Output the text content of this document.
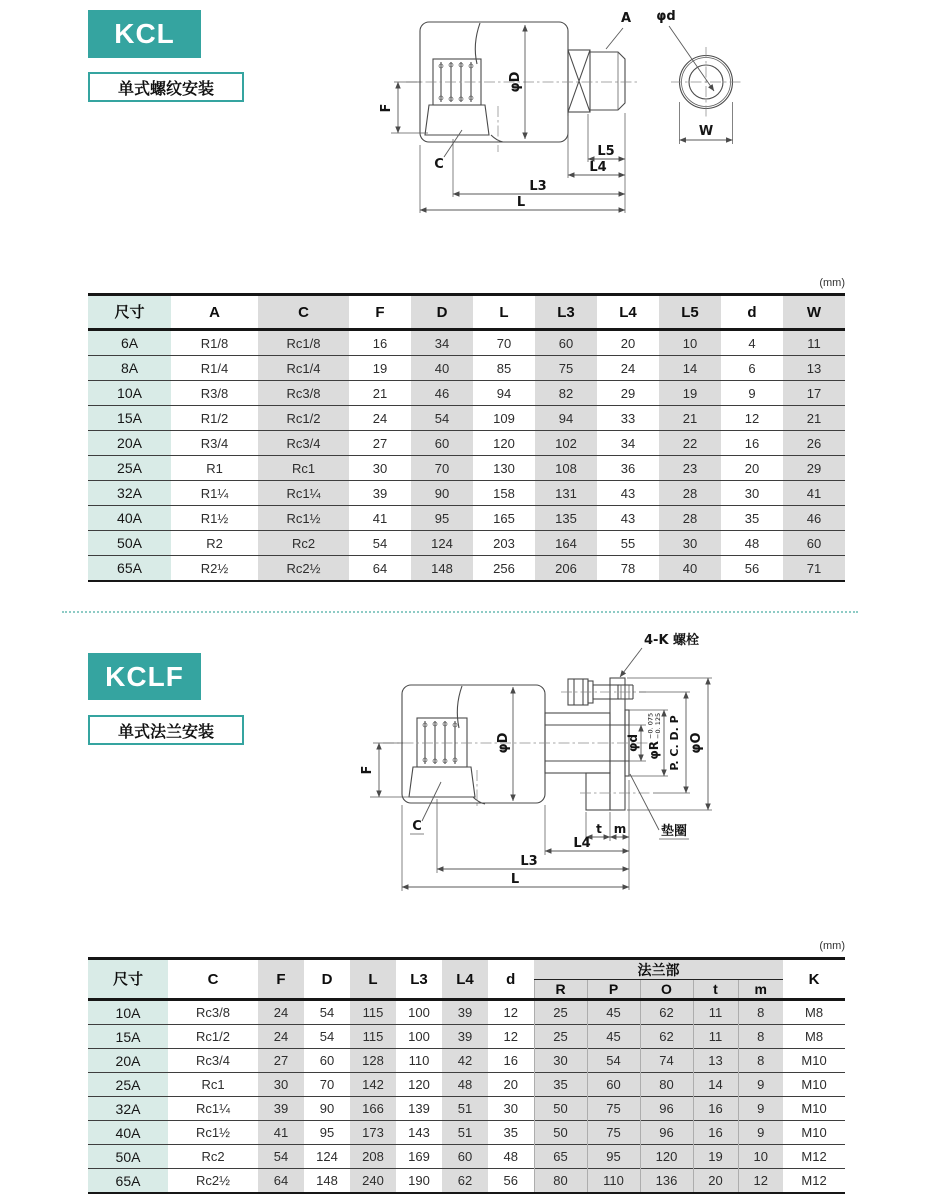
KCL
单式螺纹安装
A φd
φD
F
C
W
L5
L4
L3
L
(mm)
尺寸	A	C	F	D	L	L3	L4	L5	d	W
6A	R1/8	Rc1/8	16	34	70	60	20	10	4	11
8A	R1/4	Rc1/4	19	40	85	75	24	14	6	13
10A	R3/8	Rc3/8	21	46	94	82	29	19	9	17
15A	R1/2	Rc1/2	24	54	109	94	33	21	12	21
20A	R3/4	Rc3/4	27	60	120	102	34	22	16	26
25A	R1	Rc1	30	70	130	108	36	23	20	29
32A	R1¼	Rc1¼	39	90	158	131	43	28	30	41
40A	R1½	Rc1½	41	95	165	135	43	28	35	46
50A	R2	Rc2	54	124	203	164	55	30	48	60
65A	R2½	Rc2½	64	148	256	206	78	40	56	71
KCLF
单式法兰安装
4-K 螺栓
φD
F
φd φR
−0. 075 −0. 125 P. C. D. P φO
垫圈
C	t m
L4
L3
L
(mm)
尺寸	C	F	D	L	L3	L4	d	法兰部					K
								R	P	O	t	m	
10A	Rc3/8	24	54	115	100	39	12	25	45	62	11	8	M8
15A	Rc1/2	24	54	115	100	39	12	25	45	62	11	8	M8
20A	Rc3/4	27	60	128	110	42	16	30	54	74	13	8	M10
25A	Rc1	30	70	142	120	48	20	35	60	80	14	9	M10
32A	Rc1¼	39	90	166	139	51	30	50	75	96	16	9	M10
40A	Rc1½	41	95	173	143	51	35	50	75	96	16	9	M10
50A	Rc2	54	124	208	169	60	48	65	95	120	19	10	M12
65A	Rc2½	64	148	240	190	62	56	80	110	136	20	12	M12
